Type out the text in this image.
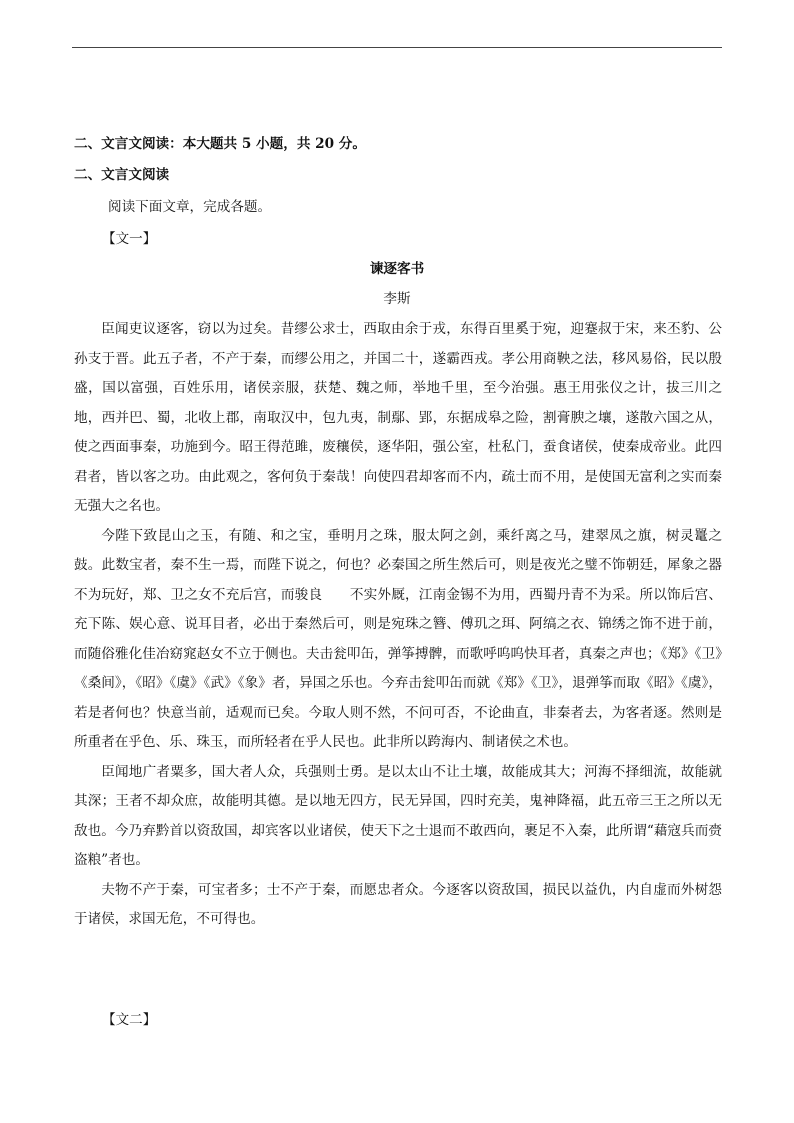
二、文言文阅读：本大题共 5 小题，共 20 分。
二、文言文阅读
阅读下面文章，完成各题。
【文一】
谏逐客书
李斯

臣闻吏议逐客，窃以为过矣。昔缪公求士，西取由余于戎，东得百里奚于宛，迎蹇叔于宋，来丕豹、公孙支于晋。此五子者，不产于秦，而缪公用之，并国二十，遂霸西戎。孝公用商鞅之法，移风易俗，民以殷盛，国以富强，百姓乐用，诸侯亲服，获楚、魏之师，举地千里，至今治强。惠王用张仪之计，拔三川之地，西并巴、蜀，北收上郡，南取汉中，包九夷，制鄢、郢，东据成皋之险，割膏腴之壤，遂散六国之从，使之西面事秦，功施到今。昭王得范雎，废穰侯，逐华阳，强公室，杜私门，蚕食诸侯，使秦成帝业。此四君者，皆以客之功。由此观之，客何负于秦哉！向使四君却客而不内，疏士而不用，是使国无富利之实而秦无强大之名也。

今陛下致昆山之玉，有随、和之宝，垂明月之珠，服太阿之剑，乘纤离之马，建翠凤之旗，树灵鼍之鼓。此数宝者，秦不生一焉，而陛下说之，何也？必秦国之所生然后可，则是夜光之璧不饰朝廷，犀象之器不为玩好，郑、卫之女不充后宫，而骏良　　不实外厩，江南金锡不为用，西蜀丹青不为采。所以饰后宫、充下陈、娱心意、说耳目者，必出于秦然后可，则是宛珠之簪、傅玑之珥、阿缟之衣、锦绣之饰不进于前，而随俗雅化佳冶窈窕赵女不立于侧也。夫击瓮叩缶，弹筝搏髀，而歌呼呜呜快耳者，真秦之声也；《郑》《卫》《桑间》，《昭》《虞》《武》《象》者，异国之乐也。今弃击瓮叩缶而就《郑》《卫》，退弹筝而取《昭》《虞》，若是者何也？快意当前，适观而已矣。今取人则不然，不问可否，不论曲直，非秦者去，为客者逐。然则是所重者在乎色、乐、珠玉，而所轻者在乎人民也。此非所以跨海内、制诸侯之术也。

臣闻地广者粟多，国大者人众，兵强则士勇。是以太山不让土壤，故能成其大；河海不择细流，故能就其深；王者不却众庶，故能明其德。是以地无四方，民无异国，四时充美，鬼神降福，此五帝三王之所以无敌也。今乃弃黔首以资敌国，却宾客以业诸侯，使天下之士退而不敢西向，裹足不入秦，此所谓“藉寇兵而赍盗粮”者也。

夫物不产于秦，可宝者多；士不产于秦，而愿忠者众。今逐客以资敌国，损民以益仇，内自虚而外树怨于诸侯，求国无危，不可得也。

【文二】
